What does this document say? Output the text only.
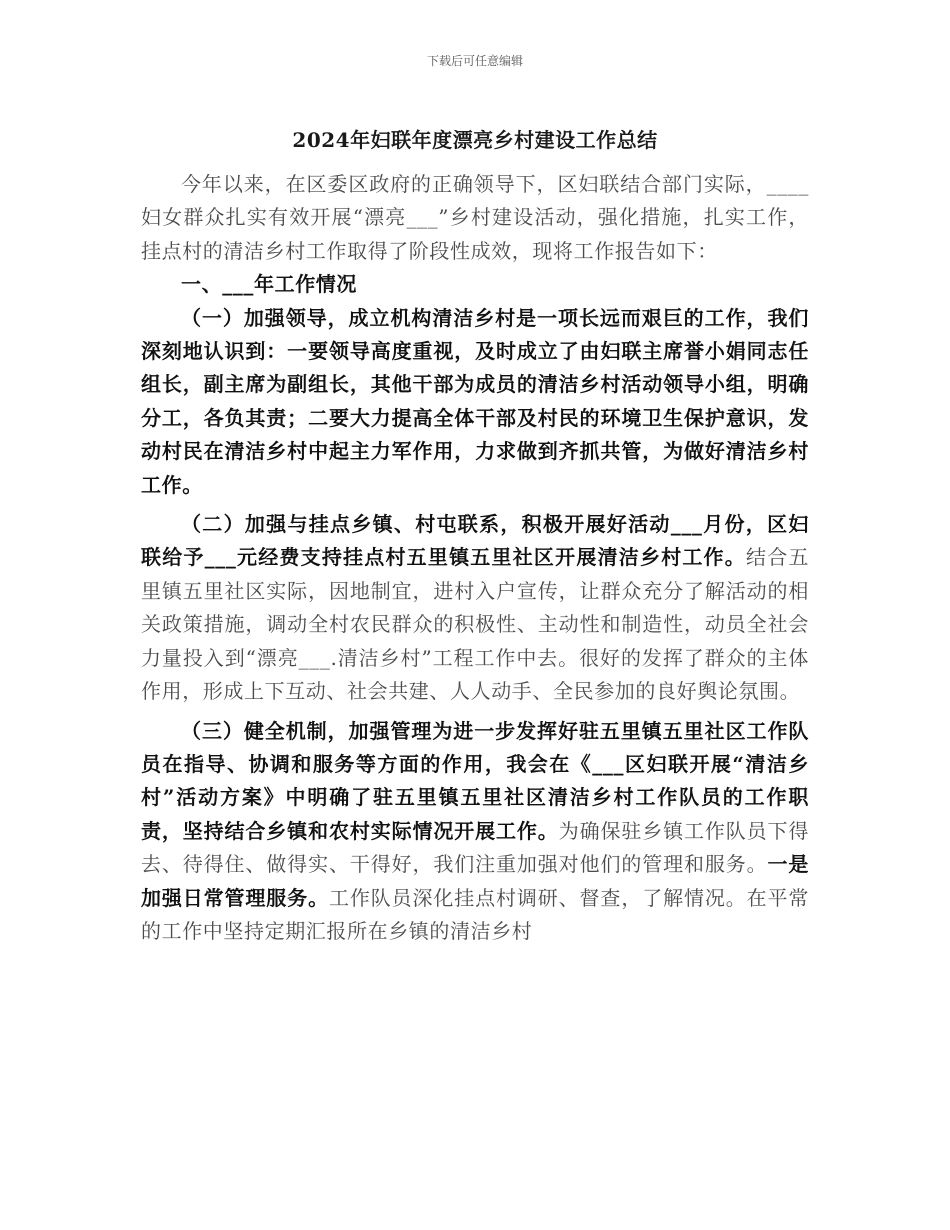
下载后可任意编辑
2024年妇联年度漂亮乡村建设工作总结

今年以来，在区委区政府的正确领导下，区妇联结合部门实际，____妇女群众扎实有效开展“漂亮___”乡村建设活动，强化措施，扎实工作，挂点村的清洁乡村工作取得了阶段性成效，现将工作报告如下：

一、___年工作情况

（一）加强领导，成立机构清洁乡村是一项长远而艰巨的工作，我们深刻地认识到：一要领导高度重视，及时成立了由妇联主席誉小娟同志任组长，副主席为副组长，其他干部为成员的清洁乡村活动领导小组，明确分工，各负其责；二要大力提高全体干部及村民的环境卫生保护意识，发动村民在清洁乡村中起主力军作用，力求做到齐抓共管，为做好清洁乡村工作。

（二）加强与挂点乡镇、村屯联系，积极开展好活动___月份，区妇联给予___元经费支持挂点村五里镇五里社区开展清洁乡村工作。结合五里镇五里社区实际，因地制宜，进村入户宣传，让群众充分了解活动的相关政策措施，调动全村农民群众的积极性、主动性和制造性，动员全社会力量投入到“漂亮___.清洁乡村”工程工作中去。很好的发挥了群众的主体作用，形成上下互动、社会共建、人人动手、全民参加的良好舆论氛围。

（三）健全机制，加强管理为进一步发挥好驻五里镇五里社区工作队员在指导、协调和服务等方面的作用，我会在《___区妇联开展“清洁乡村”活动方案》中明确了驻五里镇五里社区清洁乡村工作队员的工作职责，坚持结合乡镇和农村实际情况开展工作。为确保驻乡镇工作队员下得去、待得住、做得实、干得好，我们注重加强对他们的管理和服务。一是加强日常管理服务。工作队员深化挂点村调研、督查，了解情况。在平常的工作中坚持定期汇报所在乡镇的清洁乡村
